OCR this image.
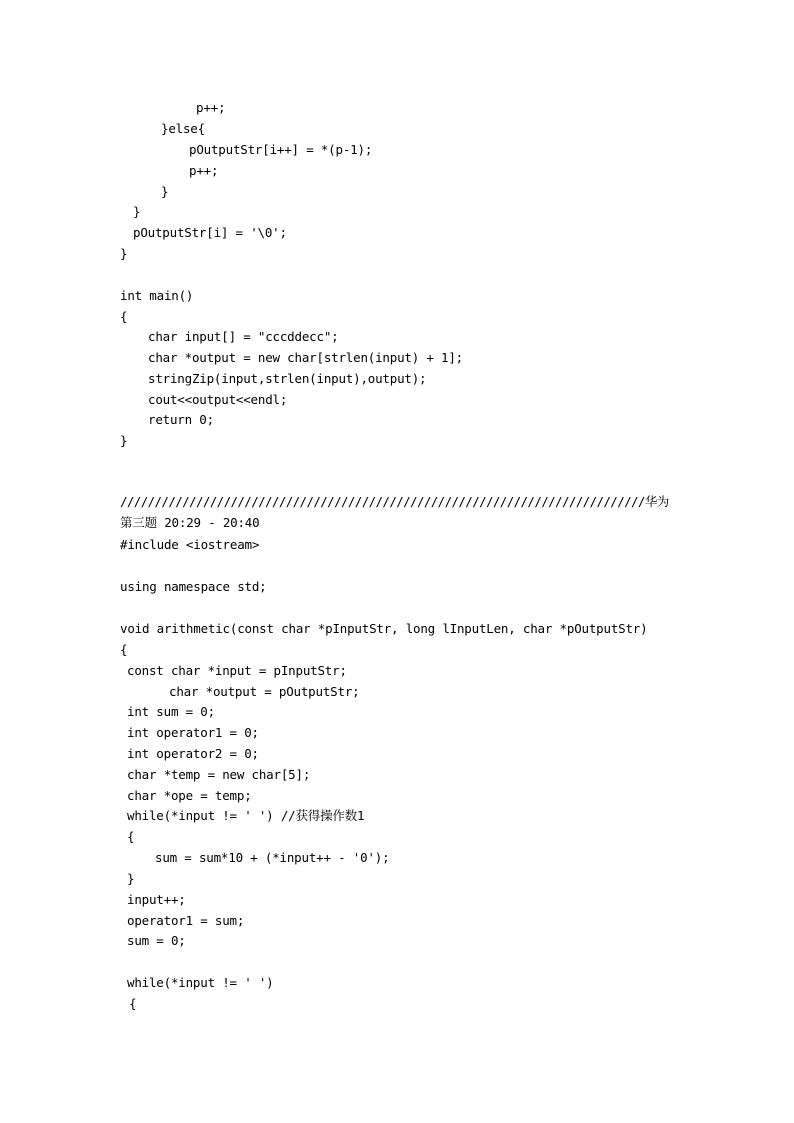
p++;
}else{
pOutputStr[i++] = *(p-1);
p++;
}
}
pOutputStr[i] = '\0';
}
int main()
{
char input[] = "cccddecc";
char *output = new char[strlen(input) + 1];
stringZip(input,strlen(input),output);
cout<<output<<endl;
return 0;
}
////////////////////////////////////////////////////////////////////////////华为
第三题 20:29 - 20:40
#include <iostream>
using namespace std;
void arithmetic(const char *pInputStr, long lInputLen, char *pOutputStr)
{
const char *input = pInputStr;
char *output = pOutputStr;
int sum = 0;
int operator1 = 0;
int operator2 = 0;
char *temp = new char[5];
char *ope = temp;
while(*input != ' ') //获得操作数1
{
sum = sum*10 + (*input++ - '0');
}
input++;
operator1 = sum;
sum = 0;
while(*input != ' ')
{
